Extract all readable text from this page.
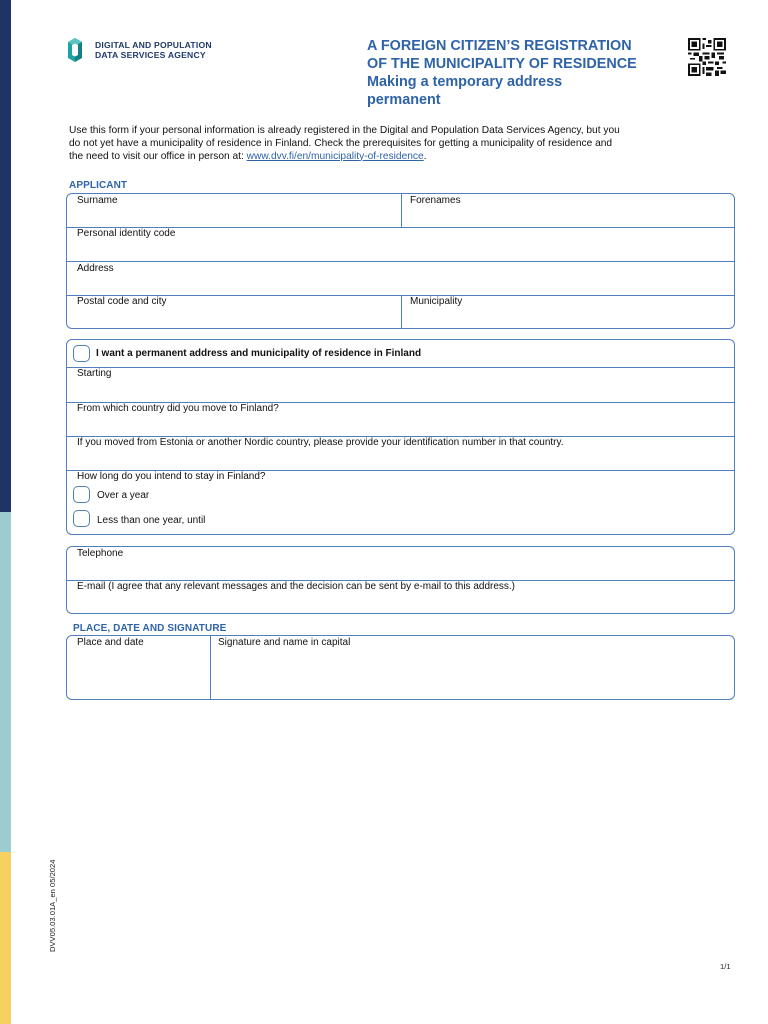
DIGITAL AND POPULATION
DATA SERVICES AGENCY
A FOREIGN CITIZEN’S REGISTRATION
OF THE MUNICIPALITY OF RESIDENCE
Making a temporary address
permanent
Use this form if your personal information is already registered in the Digital and Population Data Services Agency, but you
do not yet have a municipality of residence in Finland. Check the prerequisites for getting a municipality of residence and
the need to visit our office in person at: www.dvv.fi/en/municipality-of-residence.
APPLICANT
Surname	Forenames
Personal identity code
Address
Postal code and city	Municipality
I want a permanent address and municipality of residence in Finland
Starting
From which country did you move to Finland?
If you moved from Estonia or another Nordic country, please provide your identification number in that country.
How long do you intend to stay in Finland?
Over a year
Less than one year, until
Telephone
E-mail (I agree that any relevant messages and the decision can be sent by e-mail to this address.)
PLACE, DATE AND SIGNATURE
Place and date	Signature and name in capital
DVV05.03.01A_en 05/2024
1/1
